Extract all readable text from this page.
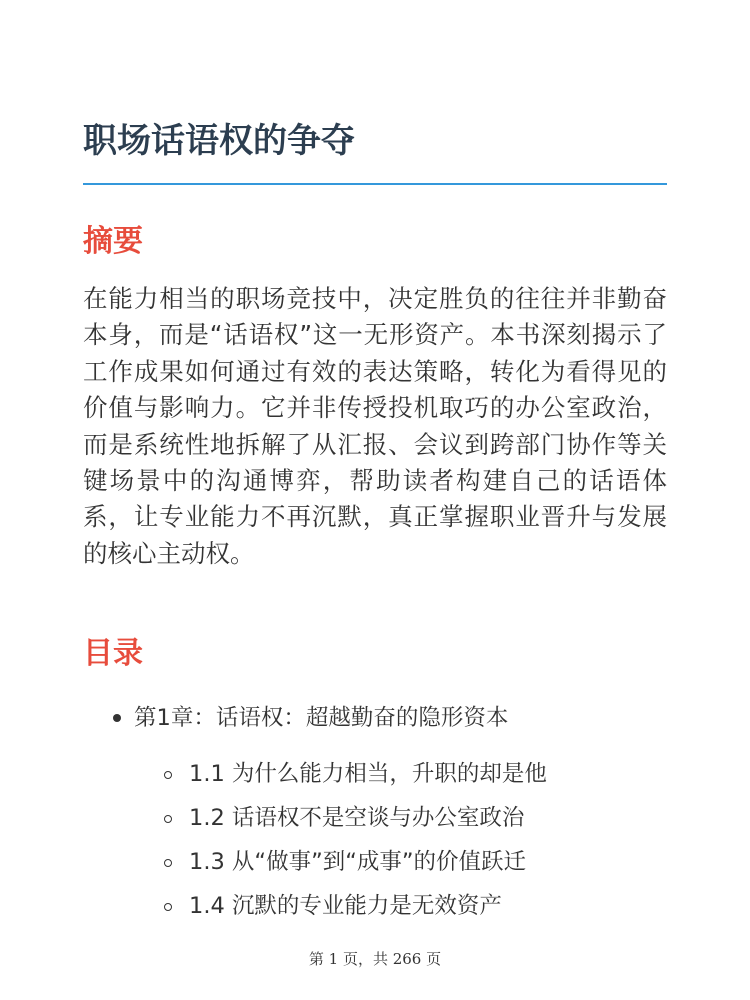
职场话语权的争夺
摘要

在能力相当的职场竞技中，决定胜负的往往并非勤奋本身，而是“话语权”这一无形资产。本书深刻揭示了工作成果如何通过有效的表达策略，转化为看得见的价值与影响力。它并非传授投机取巧的办公室政治，而是系统性地拆解了从汇报、会议到跨部门协作等关键场景中的沟通博弈，帮助读者构建自己的话语体系，让专业能力不再沉默，真正掌握职业晋升与发展的核心主动权。

目录
第1章：话语权：超越勤奋的隐形资本
1.1 为什么能力相当，升职的却是他
1.2 话语权不是空谈与办公室政治
1.3 从“做事”到“成事”的价值跃迁
1.4 沉默的专业能力是无效资产
第 1 页，共 266 页
